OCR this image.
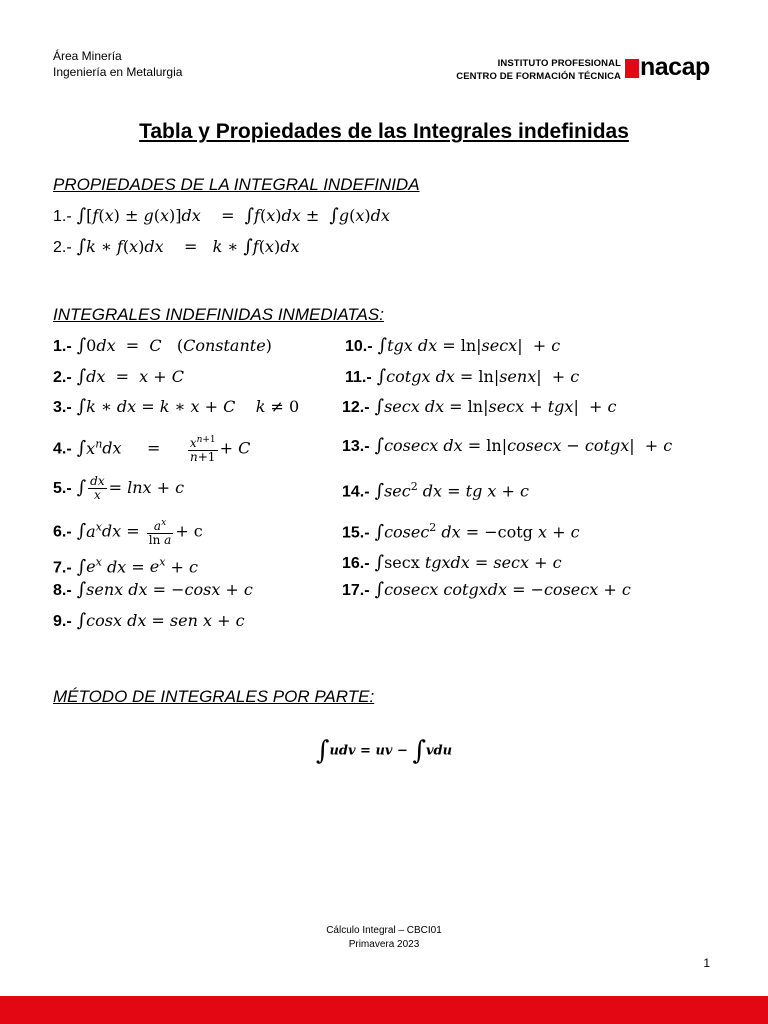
Área Minería
Ingeniería en Metalurgia
INSTITUTO PROFESIONAL
CENTRO DE FORMACIÓN TÉCNICA nacap
Tabla y Propiedades de las Integrales indefinidas
PROPIEDADES DE LA INTEGRAL INDEFINIDA
1.- ∫[f(x) ± g(x)]dx    =  ∫f(x)dx ±  ∫g(x)dx
2.- ∫k ∗ f(x)dx    =   k ∗ ∫f(x)dx
INTEGRALES INDEFINIDAS INMEDIATAS:
1.- ∫0dx  =  C   (Constante)
2.- ∫dx  =  x + C
3.- ∫k ∗ dx = k ∗ x + C k ≠ 0
4.- $\int x^ndx$     = $\frac{x^{n+1}}{n+1} + C$
5.- ∫ $\frac{dx}{x} = \ln x + c$
6.- $\int a^xdx = \frac{a^x}{\text{ln a}} + c$
7.- $\int e^x$ dx = $e^x + c$
8.- ∫senx dx = −cosx + c
9.- ∫cosx dx = sen x + c
10.- ∫tgx dx = ln|secx|  + c
11.- ∫cotgx dx = ln|senx|  + c
12.- ∫secx dx = ln|secx + tgx|  + c
13.- ∫cosecx dx = ln|cosecx − cotgx|  + c
14.- $\int\sec^2$ dx = tg x + c
15.- ∫cosec$^2$ dx = −cotg x + c
16.- ∫secx tgxdx = secx + c
17.- ∫cosecx cotgxdx = −cosecx + c
MÉTODO DE INTEGRALES POR PARTE:
∫udv = uv − ∫vdu
Cálculo Integral – CBCI01
Primavera 2023
1
